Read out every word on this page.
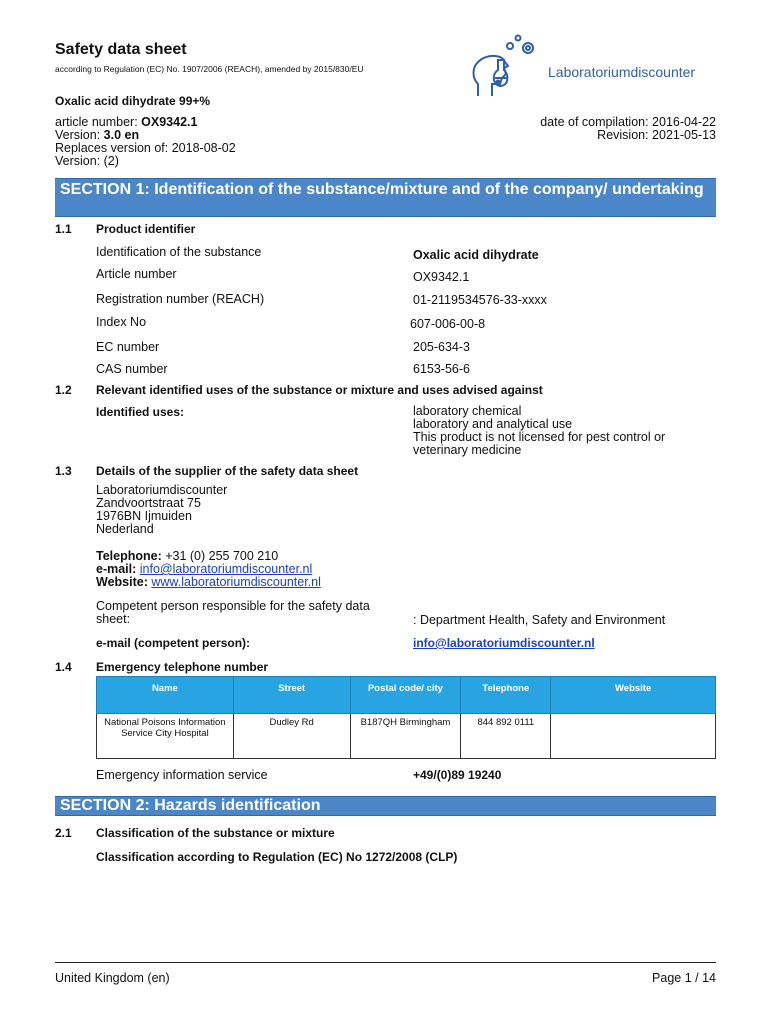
Safety data sheet
according to Regulation (EC) No. 1907/2006 (REACH), amended by 2015/830/EU	Laboratoriumdiscounter
Oxalic acid dihydrate 99+%
article number: OX9342.1
Version: 3.0 en
Replaces version of: 2018-08-02
Version: (2)
date of compilation: 2016-04-22
Revision: 2021-05-13
SECTION 1: Identification of the substance/mixture and of the company/ undertaking
1.1 Product identifier
Identification of the substance	Oxalic acid dihydrate
Article number	OX9342.1
Registration number (REACH)	01-2119534576-33-xxxx
Index No	607-006-00-8
EC number	205-634-3
CAS number	6153-56-6
1.2 Relevant identified uses of the substance or mixture and uses advised against
Identified uses:	laboratory chemical
laboratory and analytical use
This product is not licensed for pest control or
veterinary medicine
1.3 Details of the supplier of the safety data sheet
Laboratoriumdiscounter
Zandvoortstraat 75
1976BN Ijmuiden
Nederland
Telephone: +31 (0) 255 700 210
e-mail: info@laboratoriumdiscounter.nl
Website: www.laboratoriumdiscounter.nl
Competent person responsible for the safety data
sheet:	: Department Health, Safety and Environment
e-mail (competent person):	info@laboratoriumdiscounter.nl
1.4 Emergency telephone number
Name	Street	Postal code/ city	Telephone	Website
National Poisons Information Service City Hospital	Dudley Rd	B187QH Birmingham	844 892 0111	
Emergency information service	+49/(0)89 19240
SECTION 2: Hazards identification
2.1 Classification of the substance or mixture
Classification according to Regulation (EC) No 1272/2008 (CLP)
United Kingdom (en)	Page 1 / 14
